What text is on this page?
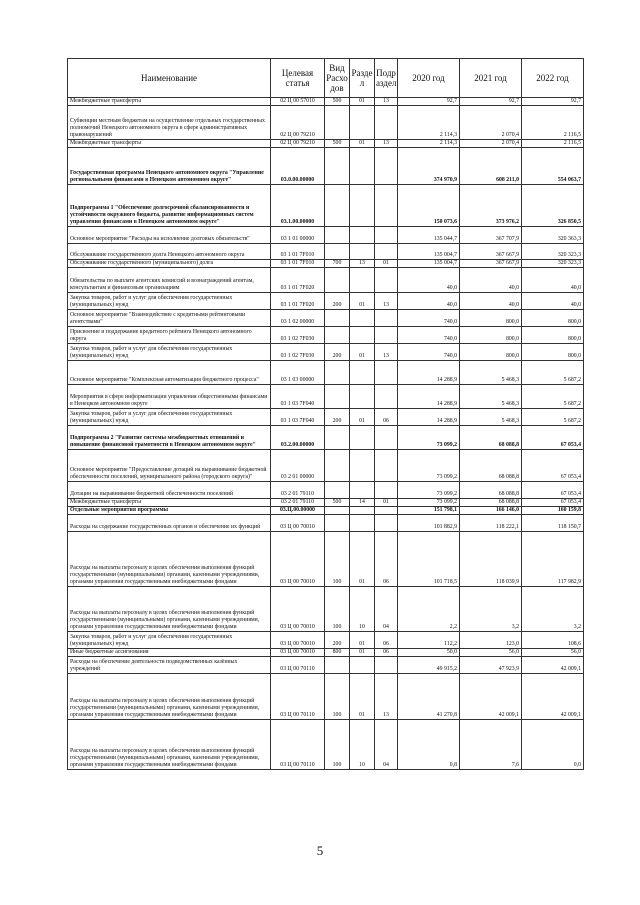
Наименование	Целевая статья	Вид Расхо дов	Разде л	Подр аздел	2020 год	2021 год	2022 год
Межбюджетные трансферты	02 Ц 00 57010	500	01	13	92,7	92,7	92,7
Субвенции местным бюджетам на осуществление отдельных государственных полномочий Ненецкого автономного округа в сфере административных правонарушений	02 Ц 00 79210				2 114,3	2 070,4	2 116,5
Межбюджетные трансферты	02 Ц 00 79210	500	01	13	2 114,3	2 070,4	2 116,5
Государственная программа Ненецкого автономного округа "Управление региональными финансами в Ненецком автономном округе"	03.0.00.00000				374 970,9	608 211,0	554 063,7
Подпрограмма 1 "Обеспечение долгосрочной сбалансированности и устойчивости окружного бюджета, развитие информационных систем управления финансами в Ненецком автономном округе"	03.1.00.00000				150 073,6	373 976,2	326 850,5
Основное мероприятие "Расходы на исполнение долговых обязательств"	03 1 01 00000				135 044,7	367 707,9	320 363,3
Обслуживание государственного долга Ненецкого автономного округа	03 1 01 7F010				135 004,7	367 667,9	320 323,3
Обслуживание государственного (муниципального) долга	03 1 01 7F010	700	13	01	135 004,7	367 667,9	320 323,3
Обязательства по выплате агентских комиссий и вознаграждений агентам, консультантам и финансовым организациям	03 1 01 7F020				40,0	40,0	40,0
Закупка товаров, работ и услуг для обеспечения государственных (муниципальных) нужд	03 1 01 7F020	200	01	13	40,0	40,0	40,0
Основное мероприятие "Взаимодействие с кредитными рейтинговыми агентствами"	03 1 02 00000				740,0	800,0	800,0
Присвоение и поддержание кредитного рейтинга Ненецкого автономного округа	03 1 02 7F030				740,0	800,0	800,0
Закупка товаров, работ и услуг для обеспечения государственных (муниципальных) нужд	03 1 02 7F030	200	01	13	740,0	800,0	800,0
Основное мероприятие "Комплексная автоматизация бюджетного процесса"	03 1 03 00000				14 288,9	5 468,3	5 687,2
Мероприятия в сфере информатизации управления общественными финансами в Ненецком автономном округе	03 1 03 7F040				14 288,9	5 468,3	5 687,2
Закупка товаров, работ и услуг для обеспечения государственных (муниципальных) нужд	03 1 03 7F040	200	01	06	14 288,9	5 468,3	5 687,2
Подпрограмма 2 "Развитие системы межбюджетных отношений и повышение финансовой грамотности в Ненецком автономном округе"	03.2.00.00000				73 099,2	68 088,8	67 053,4
Основное мероприятие "Предоставление дотаций на выравнивание бюджетной обеспеченности поселений, муниципального района (городского округа)"	03 2 01 00000				73 099,2	68 088,8	67 053,4
Дотации на выравнивание бюджетной обеспеченности поселений	03 2 01 79110				73 099,2	68 088,8	67 053,4
Межбюджетные трансферты	03 2 01 79110	500	14	01	73 099,2	68 088,8	67 053,4
Отдельные мероприятия программы	03.Ц.00.00000				151 798,1	166 146,0	160 159,8
Расходы на содержание государственных органов и обеспечение их функций	03 Ц 00 70010				101 882,9	118 222,1	118 150,7
Расходы на выплаты персоналу в целях обеспечения выполнения функций государственными (муниципальными) органами, казенными учреждениями, органами управления государственными внебюджетными фондами	03 Ц 00 70010	100	01	06	101 718,5	118 039,9	117 982,9
Расходы на выплаты персоналу в целях обеспечения выполнения функций государственными (муниципальными) органами, казенными учреждениями, органами управления государственными внебюджетными фондами	03 Ц 00 70010	100	10	04	2,2	3,2	3,2
Закупка товаров, работ и услуг для обеспечения государственных (муниципальных) нужд	03 Ц 00 70010	200	01	06	112,2	123,0	108,6
Иные бюджетные ассигнования	03 Ц 00 70010	800	01	06	50,0	56,0	56,0
Расходы на обеспечение деятельности подведомственных казённых учреждений	03 Ц 00 70110				49 915,2	47 923,9	42 009,1
Расходы на выплаты персоналу в целях обеспечения выполнения функций государственными (муниципальными) органами, казенными учреждениями, органами управления государственными внебюджетными фондами	03 Ц 00 70110	100	01	13	41 270,8	42 009,1	42 009,1
Расходы на выплаты персоналу в целях обеспечения выполнения функций государственными (муниципальными) органами, казенными учреждениями, органами управления государственными внебюджетными фондами	03 Ц 00 70110	100	10	04	0,8	7,6	0,0
5
